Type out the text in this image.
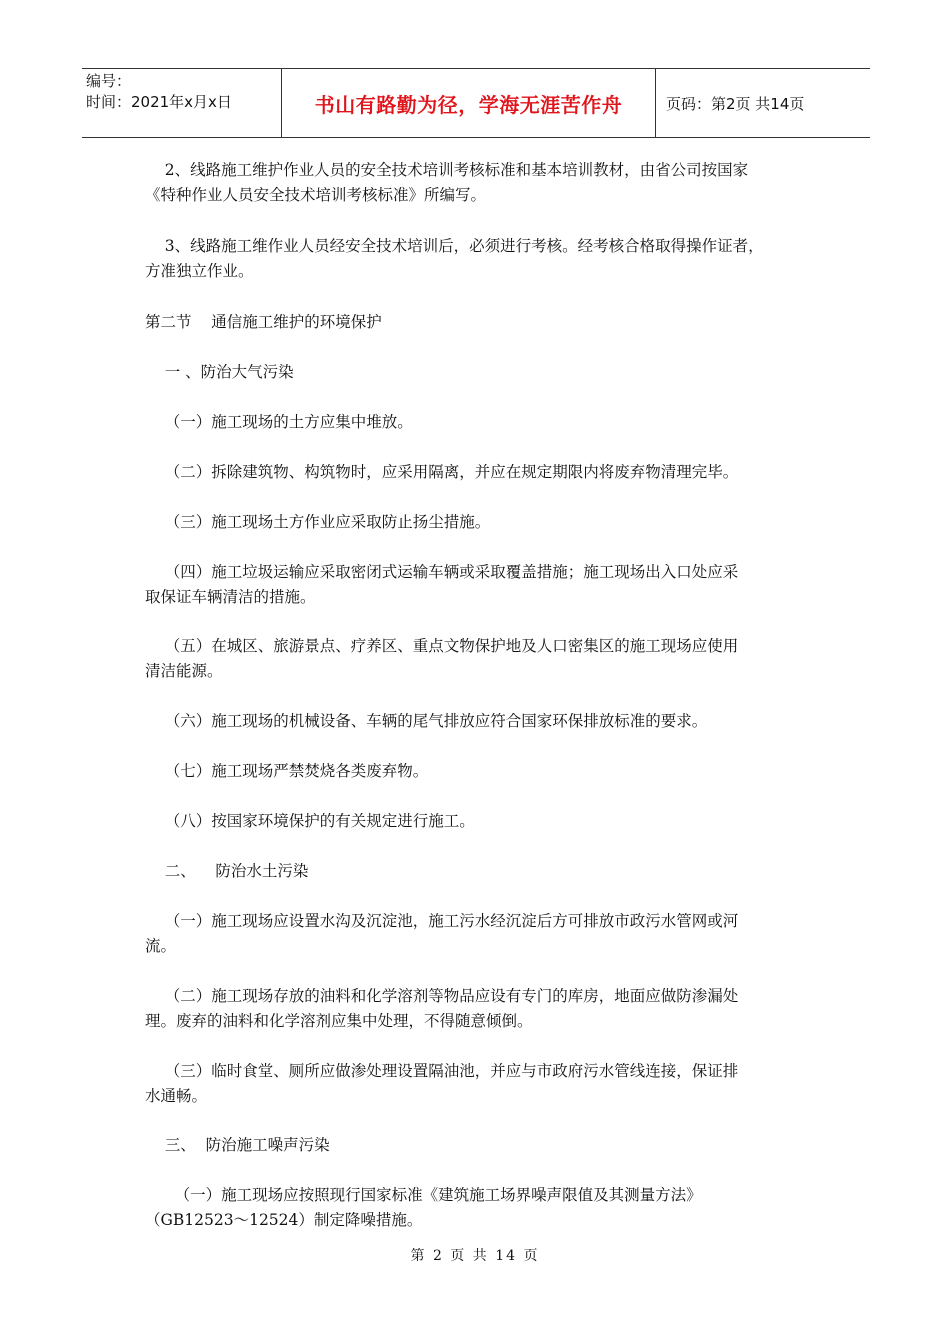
编号：
时间：2021年x月x日	书山有路勤为径，学海无涯苦作舟	页码：第2页 共14页
2、线路施工维护作业人员的安全技术培训考核标准和基本培训教材，由省公司按国家
《特种作业人员安全技术培训考核标准》所编写。
3、线路施工维作业人员经安全技术培训后，必须进行考核。经考核合格取得操作证者，
方准独立作业。
第二节    通信施工维护的环境保护
一 、防治大气污染
（一）施工现场的土方应集中堆放。
（二）拆除建筑物、构筑物时，应采用隔离，并应在规定期限内将废弃物清理完毕。
（三）施工现场土方作业应采取防止扬尘措施。
（四）施工垃圾运输应采取密闭式运输车辆或采取覆盖措施；施工现场出入口处应采
取保证车辆清洁的措施。
（五）在城区、旅游景点、疗养区、重点文物保护地及人口密集区的施工现场应使用
清洁能源。
（六）施工现场的机械设备、车辆的尾气排放应符合国家环保排放标准的要求。
（七）施工现场严禁焚烧各类废弃物。
（八）按国家环境保护的有关规定进行施工。
二、    防治水土污染
（一）施工现场应设置水沟及沉淀池，施工污水经沉淀后方可排放市政污水管网或河
流。
（二）施工现场存放的油料和化学溶剂等物品应设有专门的库房，地面应做防渗漏处
理。废弃的油料和化学溶剂应集中处理，不得随意倾倒。
（三）临时食堂、厕所应做渗处理设置隔油池，并应与市政府污水管线连接，保证排
水通畅。
三、  防治施工噪声污染
（一）施工现场应按照现行国家标准《建筑施工场界噪声限值及其测量方法》
（GB12523～12524）制定降噪措施。
第 2 页 共 14 页
